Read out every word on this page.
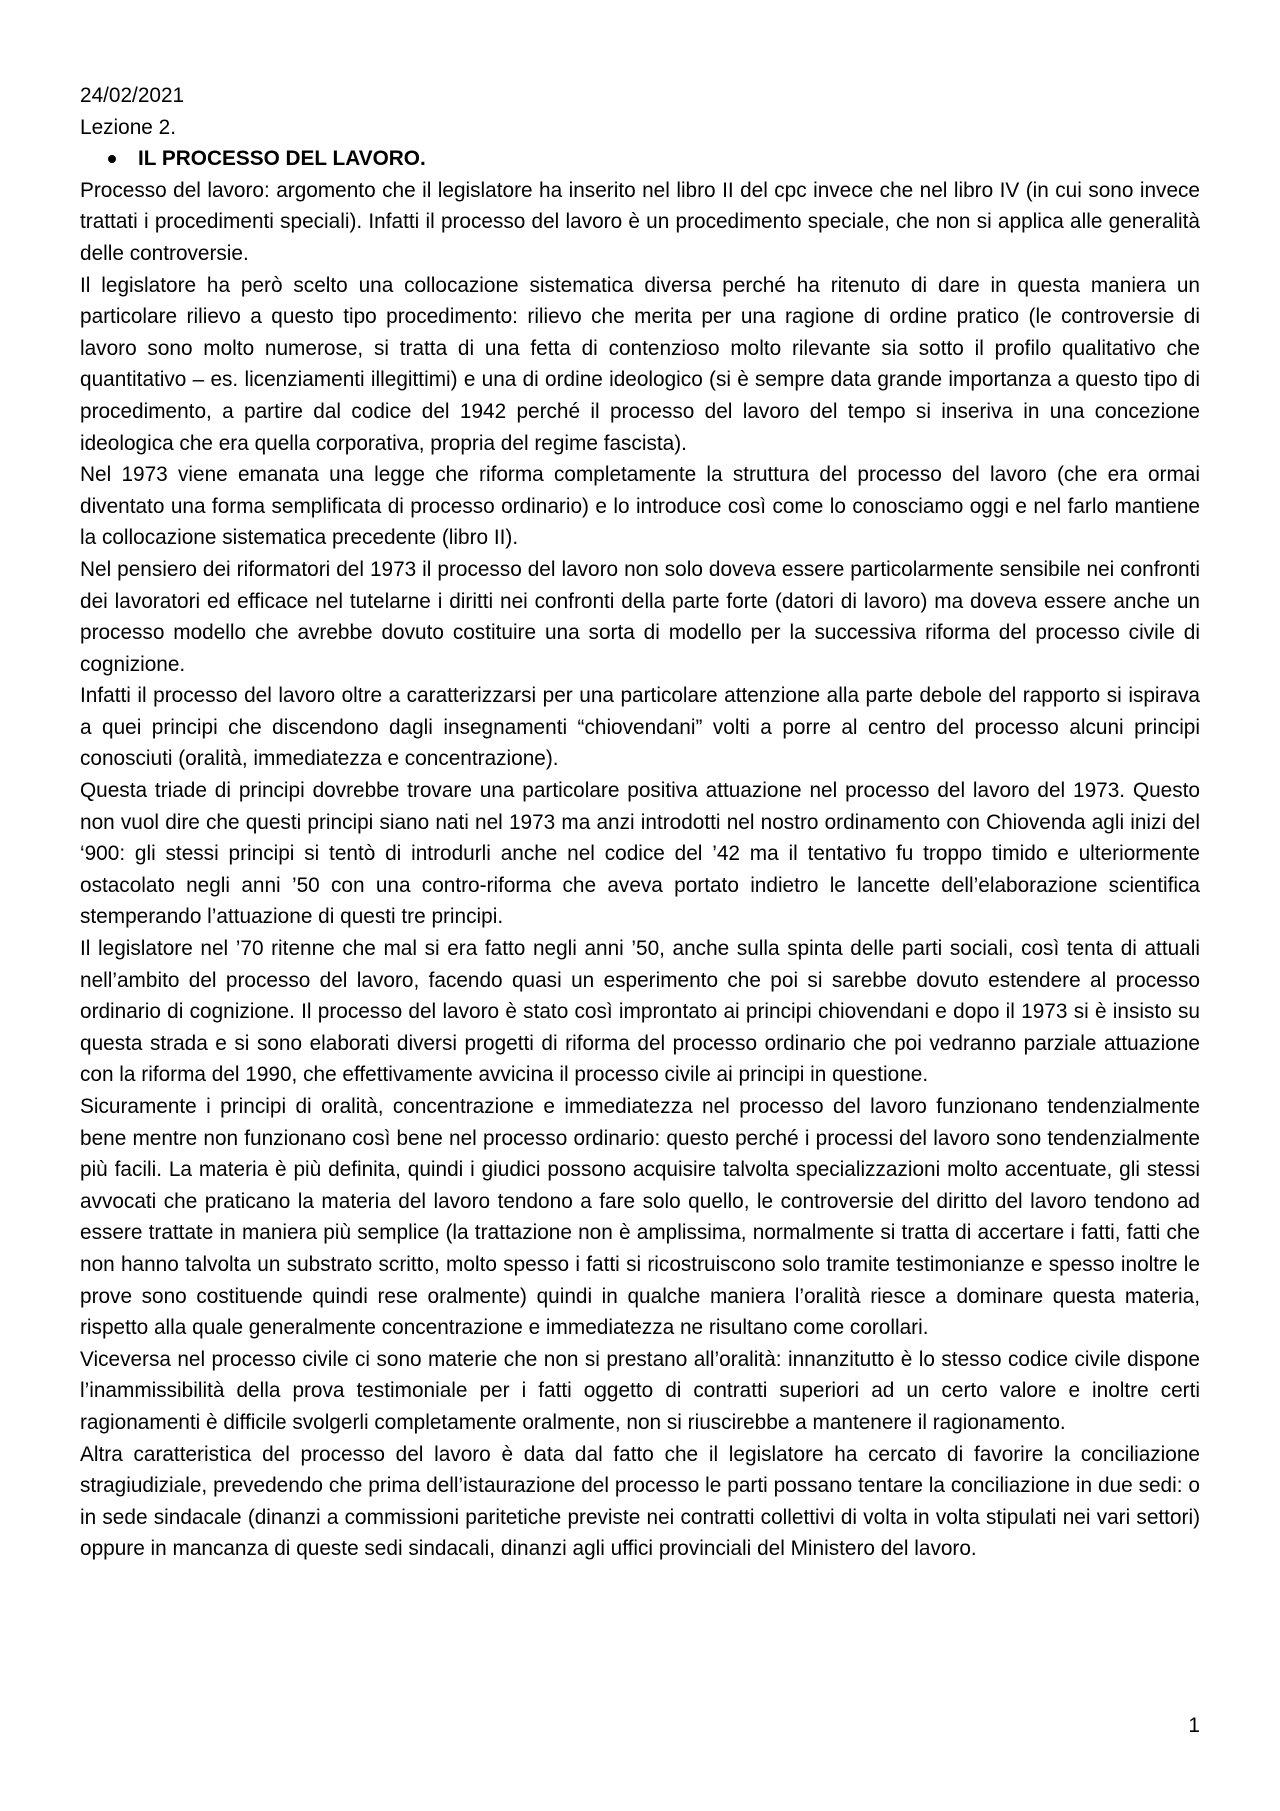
24/02/2021
Lezione 2.
IL PROCESSO DEL LAVORO.

Processo del lavoro: argomento che il legislatore ha inserito nel libro II del cpc invece che nel libro IV (in cui sono invece trattati i procedimenti speciali). Infatti il processo del lavoro è un procedimento speciale, che non si applica alle generalità delle controversie.

Il legislatore ha però scelto una collocazione sistematica diversa perché ha ritenuto di dare in questa maniera un particolare rilievo a questo tipo procedimento: rilievo che merita per una ragione di ordine pratico (le controversie di lavoro sono molto numerose, si tratta di una fetta di contenzioso molto rilevante sia sotto il profilo qualitativo che quantitativo – es. licenziamenti illegittimi) e una di ordine ideologico (si è sempre data grande importanza a questo tipo di procedimento, a partire dal codice del 1942 perché il processo del lavoro del tempo si inseriva in una concezione ideologica che era quella corporativa, propria del regime fascista).

Nel 1973 viene emanata una legge che riforma completamente la struttura del processo del lavoro (che era ormai diventato una forma semplificata di processo ordinario) e lo introduce così come lo conosciamo oggi e nel farlo mantiene la collocazione sistematica precedente (libro II).

Nel pensiero dei riformatori del 1973 il processo del lavoro non solo doveva essere particolarmente sensibile nei confronti dei lavoratori ed efficace nel tutelarne i diritti nei confronti della parte forte (datori di lavoro) ma doveva essere anche un processo modello che avrebbe dovuto costituire una sorta di modello per la successiva riforma del processo civile di cognizione.

Infatti il processo del lavoro oltre a caratterizzarsi per una particolare attenzione alla parte debole del rapporto si ispirava a quei principi che discendono dagli insegnamenti “chiovendani” volti a porre al centro del processo alcuni principi conosciuti (oralità, immediatezza e concentrazione).

Questa triade di principi dovrebbe trovare una particolare positiva attuazione nel processo del lavoro del 1973. Questo non vuol dire che questi principi siano nati nel 1973 ma anzi introdotti nel nostro ordinamento con Chiovenda agli inizi del ‘900: gli stessi principi si tentò di introdurli anche nel codice del ’42 ma il tentativo fu troppo timido e ulteriormente ostacolato negli anni ’50 con una contro-riforma che aveva portato indietro le lancette dell’elaborazione scientifica stemperando l’attuazione di questi tre principi.

Il legislatore nel ’70 ritenne che mal si era fatto negli anni ’50, anche sulla spinta delle parti sociali, così tenta di attuali nell’ambito del processo del lavoro, facendo quasi un esperimento che poi si sarebbe dovuto estendere al processo ordinario di cognizione. Il processo del lavoro è stato così improntato ai principi chiovendani e dopo il 1973 si è insisto su questa strada e si sono elaborati diversi progetti di riforma del processo ordinario che poi vedranno parziale attuazione con la riforma del 1990, che effettivamente avvicina il processo civile ai principi in questione.

Sicuramente i principi di oralità, concentrazione e immediatezza nel processo del lavoro funzionano tendenzialmente bene mentre non funzionano così bene nel processo ordinario: questo perché i processi del lavoro sono tendenzialmente più facili. La materia è più definita, quindi i giudici possono acquisire talvolta specializzazioni molto accentuate, gli stessi avvocati che praticano la materia del lavoro tendono a fare solo quello, le controversie del diritto del lavoro tendono ad essere trattate in maniera più semplice (la trattazione non è amplissima, normalmente si tratta di accertare i fatti, fatti che non hanno talvolta un substrato scritto, molto spesso i fatti si ricostruiscono solo tramite testimonianze e spesso inoltre le prove sono costituende quindi rese oralmente) quindi in qualche maniera l’oralità riesce a dominare questa materia, rispetto alla quale generalmente concentrazione e immediatezza ne risultano come corollari.

Viceversa nel processo civile ci sono materie che non si prestano all’oralità: innanzitutto è lo stesso codice civile dispone l’inammissibilità della prova testimoniale per i fatti oggetto di contratti superiori ad un certo valore e inoltre certi ragionamenti è difficile svolgerli completamente oralmente, non si riuscirebbe a mantenere il ragionamento.

Altra caratteristica del processo del lavoro è data dal fatto che il legislatore ha cercato di favorire la conciliazione stragiudiziale, prevedendo che prima dell’istaurazione del processo le parti possano tentare la conciliazione in due sedi: o in sede sindacale (dinanzi a commissioni paritetiche previste nei contratti collettivi di volta in volta stipulati nei vari settori) oppure in mancanza di queste sedi sindacali, dinanzi agli uffici provinciali del Ministero del lavoro.

1
